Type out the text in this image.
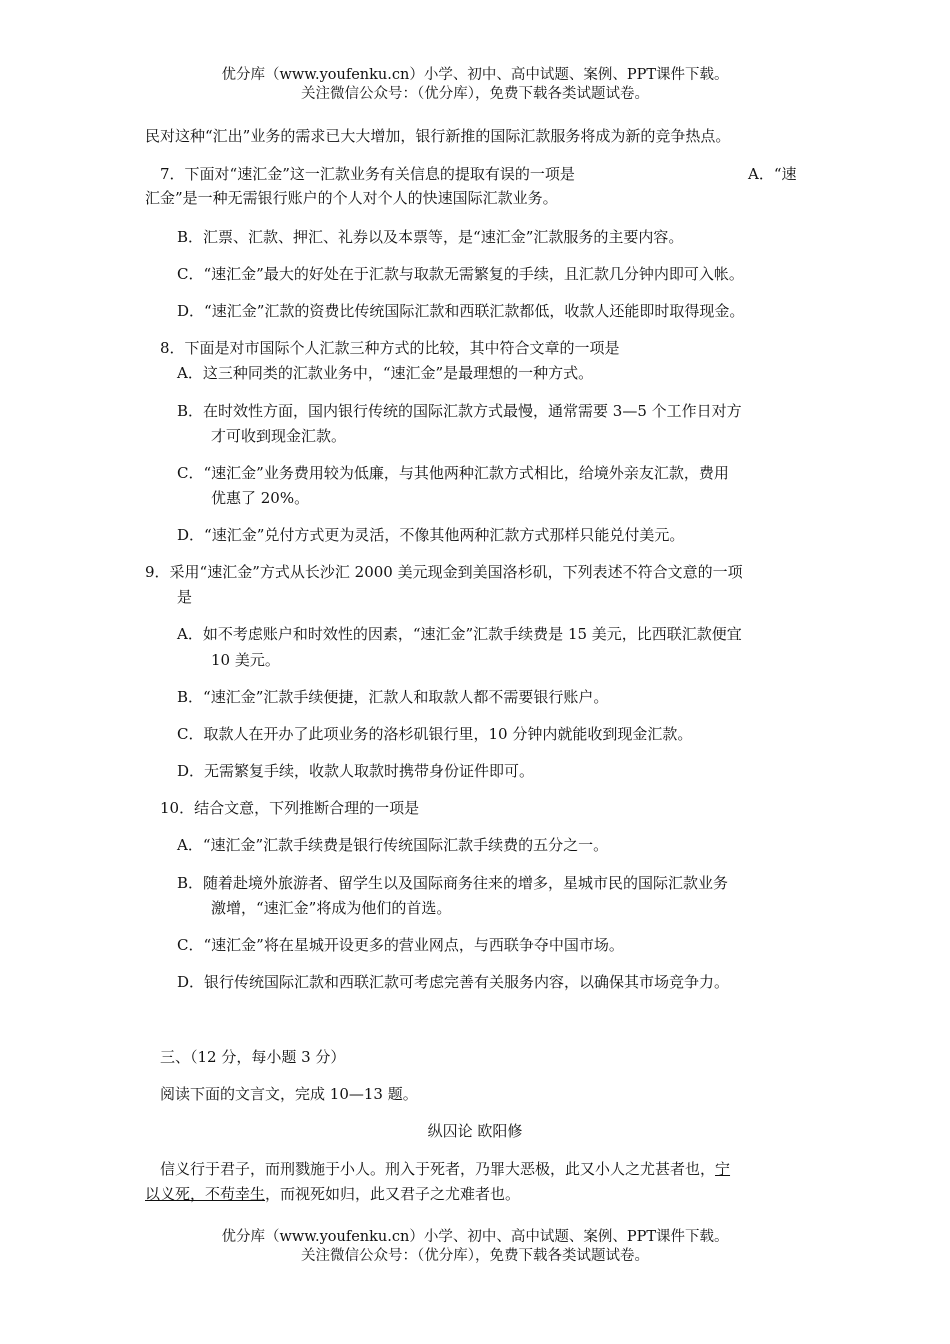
优分库（www.youfenku.cn）小学、初中、高中试题、案例、PPT课件下载。
关注微信公众号：（优分库），免费下载各类试题试卷。
民对这种“汇出”业务的需求已大大增加，银行新推的国际汇款服务将成为新的竞争热点。
7．下面对“速汇金”这一汇款业务有关信息的提取有误的一项是	A．“速
汇金”是一种无需银行账户的个人对个人的快速国际汇款业务。
B．汇票、汇款、押汇、礼券以及本票等，是“速汇金”汇款服务的主要内容。
C．“速汇金”最大的好处在于汇款与取款无需繁复的手续，且汇款几分钟内即可入帐。
D．“速汇金”汇款的资费比传统国际汇款和西联汇款都低，收款人还能即时取得现金。
8．下面是对市国际个人汇款三种方式的比较，其中符合文章的一项是
A．这三种同类的汇款业务中，“速汇金”是最理想的一种方式。
B．在时效性方面，国内银行传统的国际汇款方式最慢，通常需要 3—5 个工作日对方
才可收到现金汇款。
C．“速汇金”业务费用较为低廉，与其他两种汇款方式相比，给境外亲友汇款，费用
优惠了 20%。
D．“速汇金”兑付方式更为灵活，不像其他两种汇款方式那样只能兑付美元。
9．采用“速汇金”方式从长沙汇 2000 美元现金到美国洛杉矶，下列表述不符合文意的一项
是
A．如不考虑账户和时效性的因素，“速汇金”汇款手续费是 15 美元，比西联汇款便宜
10 美元。
B．“速汇金”汇款手续便捷，汇款人和取款人都不需要银行账户。
C．取款人在开办了此项业务的洛杉矶银行里，10 分钟内就能收到现金汇款。
D．无需繁复手续，收款人取款时携带身份证件即可。
10．结合文意，下列推断合理的一项是
A．“速汇金”汇款手续费是银行传统国际汇款手续费的五分之一。
B．随着赴境外旅游者、留学生以及国际商务往来的增多，星城市民的国际汇款业务
激增，“速汇金”将成为他们的首选。
C．“速汇金”将在星城开设更多的营业网点，与西联争夺中国市场。
D．银行传统国际汇款和西联汇款可考虑完善有关服务内容，以确保其市场竞争力。
三、（12 分，每小题 3 分）
阅读下面的文言文，完成 10—13 题。
纵囚论 欧阳修
信义行于君子，而刑戮施于小人。刑入于死者，乃罪大恶极，此又小人之尤甚者也，宁
以义死，不苟幸生，而视死如归，此又君子之尤难者也。
优分库（www.youfenku.cn）小学、初中、高中试题、案例、PPT课件下载。
关注微信公众号：（优分库），免费下载各类试题试卷。
